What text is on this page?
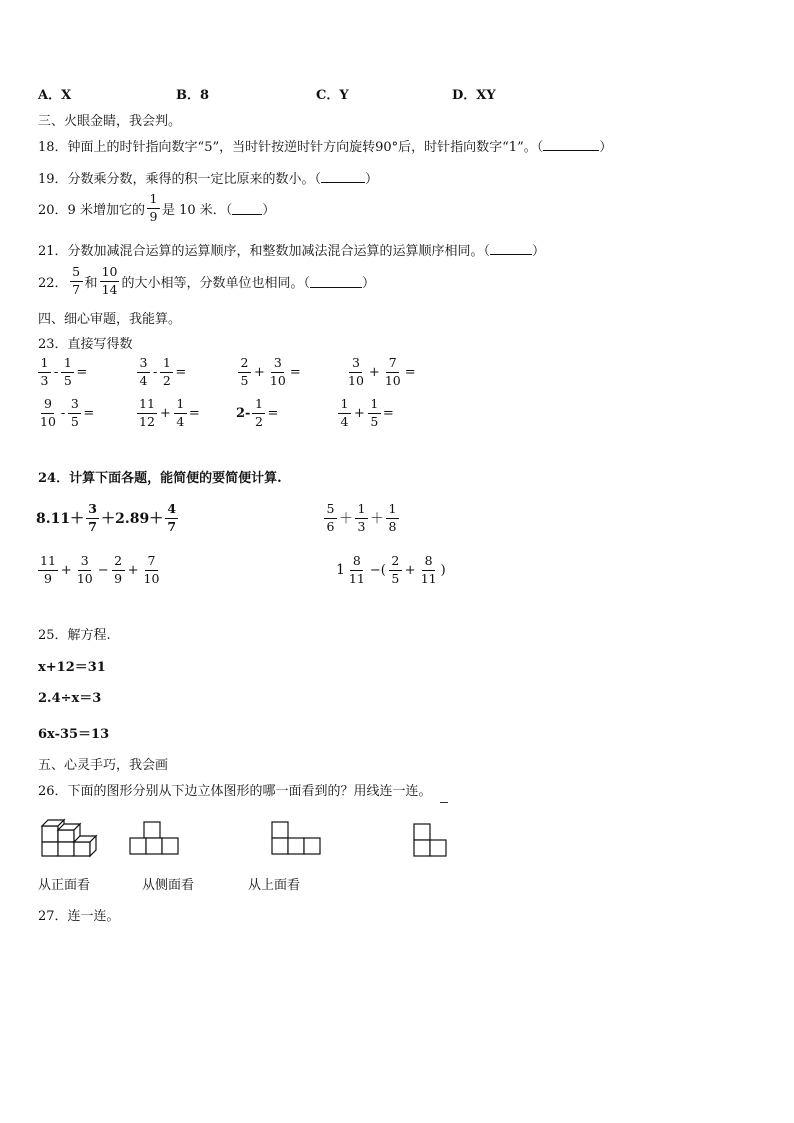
A．X	B．8	C．Y	D．XY
三、火眼金睛，我会判。
18．钟面上的时针指向数字“5”，当时针按逆时针方向旋转90°后，时针指向数字“1”。（	）
19．分数乘分数，乘得的积一定比原来的数小。（	）
20．9 米增加它的 $\frac{1}{9}$ 是 10 米．（ ）
21．分数加减混合运算的运算顺序，和整数加减法混合运算的运算顺序相同。（	）
22． $\frac{5}{7}$ 和 $\frac{10}{14}$ 的大小相等，分数单位也相同。（	）
四、细心审题，我能算。
23．直接写得数
$\frac{1}{3} - \frac{1}{5}$ =	$\frac{3}{4} - \frac{1}{2}$ =	$\frac{2}{5} + \frac{3}{10}$ =	$\frac{3}{10} + \frac{7}{10}$ =
$\frac{9}{10} - \frac{3}{5}$ =	$\frac{11}{12} + \frac{1}{4}$ =	$2- \frac{1}{2}$ =	$\frac{1}{4} + \frac{1}{5}$ =
24．计算下面各题，能简便的要简便计算.
$8.11+ \frac{3}{7} +2.89+ \frac{4}{7}$	$\frac{5}{6} + \frac{1}{3} + \frac{1}{8}$
$\frac{11}{9} + \frac{3}{10} - \frac{2}{9} + \frac{7}{10}$	$1 \frac{8}{11}$ −( $\frac{2}{5} + \frac{8}{11}$ )
25．解方程.
x+12＝31
2.4÷x＝3
6x-35＝13
五、心灵手巧，我会画
26．下面的图形分别从下边立体图形的哪一面看到的？用线连一连。
从正面看	从侧面看	从上面看
27．连一连。
